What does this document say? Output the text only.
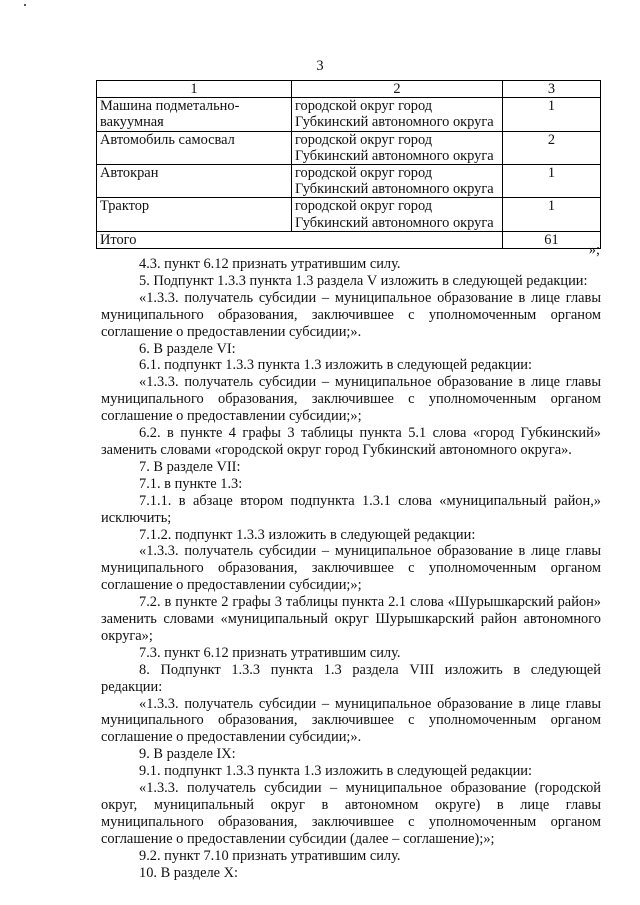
3
1	2	3
Машина подметально-вакуумная	городской округ город Губкинский автономного округа	1
Автомобиль самосвал	городской округ город Губкинский автономного округа	2
Автокран	городской округ город Губкинский автономного округа	1
Трактор	городской округ город Губкинский автономного округа	1
Итого		61
»;

4.3. пункт 6.12 признать утратившим силу.

5. Подпункт 1.3.3 пункта 1.3 раздела V изложить в следующей редакции:

«1.3.3. получатель субсидии – муниципальное образование в лице главы муниципального образования, заключившее с уполномоченным органом соглашение о предоставлении субсидии;».

6. В разделе VI:

6.1. подпункт 1.3.3 пункта 1.3 изложить в следующей редакции:

«1.3.3. получатель субсидии – муниципальное образование в лице главы муниципального образования, заключившее с уполномоченным органом соглашение о предоставлении субсидии;»;

6.2. в пункте 4 графы 3 таблицы пункта 5.1 слова «город Губкинский» заменить словами «городской округ город Губкинский автономного округа».

7. В разделе VII:

7.1. в пункте 1.3:

7.1.1. в абзаце втором подпункта 1.3.1 слова «муниципальный район,» исключить;

7.1.2. подпункт 1.3.3 изложить в следующей редакции:

«1.3.3. получатель субсидии – муниципальное образование в лице главы муниципального образования, заключившее с уполномоченным органом соглашение о предоставлении субсидии;»;

7.2. в пункте 2 графы 3 таблицы пункта 2.1 слова «Шурышкарский район» заменить словами «муниципальный округ Шурышкарский район автономного округа»;

7.3. пункт 6.12 признать утратившим силу.

8. Подпункт 1.3.3 пункта 1.3 раздела VIII изложить в следующей редакции:

«1.3.3. получатель субсидии – муниципальное образование в лице главы муниципального образования, заключившее с уполномоченным органом соглашение о предоставлении субсидии;».

9. В разделе IX:

9.1. подпункт 1.3.3 пункта 1.3 изложить в следующей редакции:

«1.3.3. получатель субсидии – муниципальное образование (городской округ, муниципальный округ в автономном округе) в лице главы муниципального образования, заключившее с уполномоченным органом соглашение о предоставлении субсидии (далее – соглашение);»;

9.2. пункт 7.10 признать утратившим силу.

10. В разделе X:
